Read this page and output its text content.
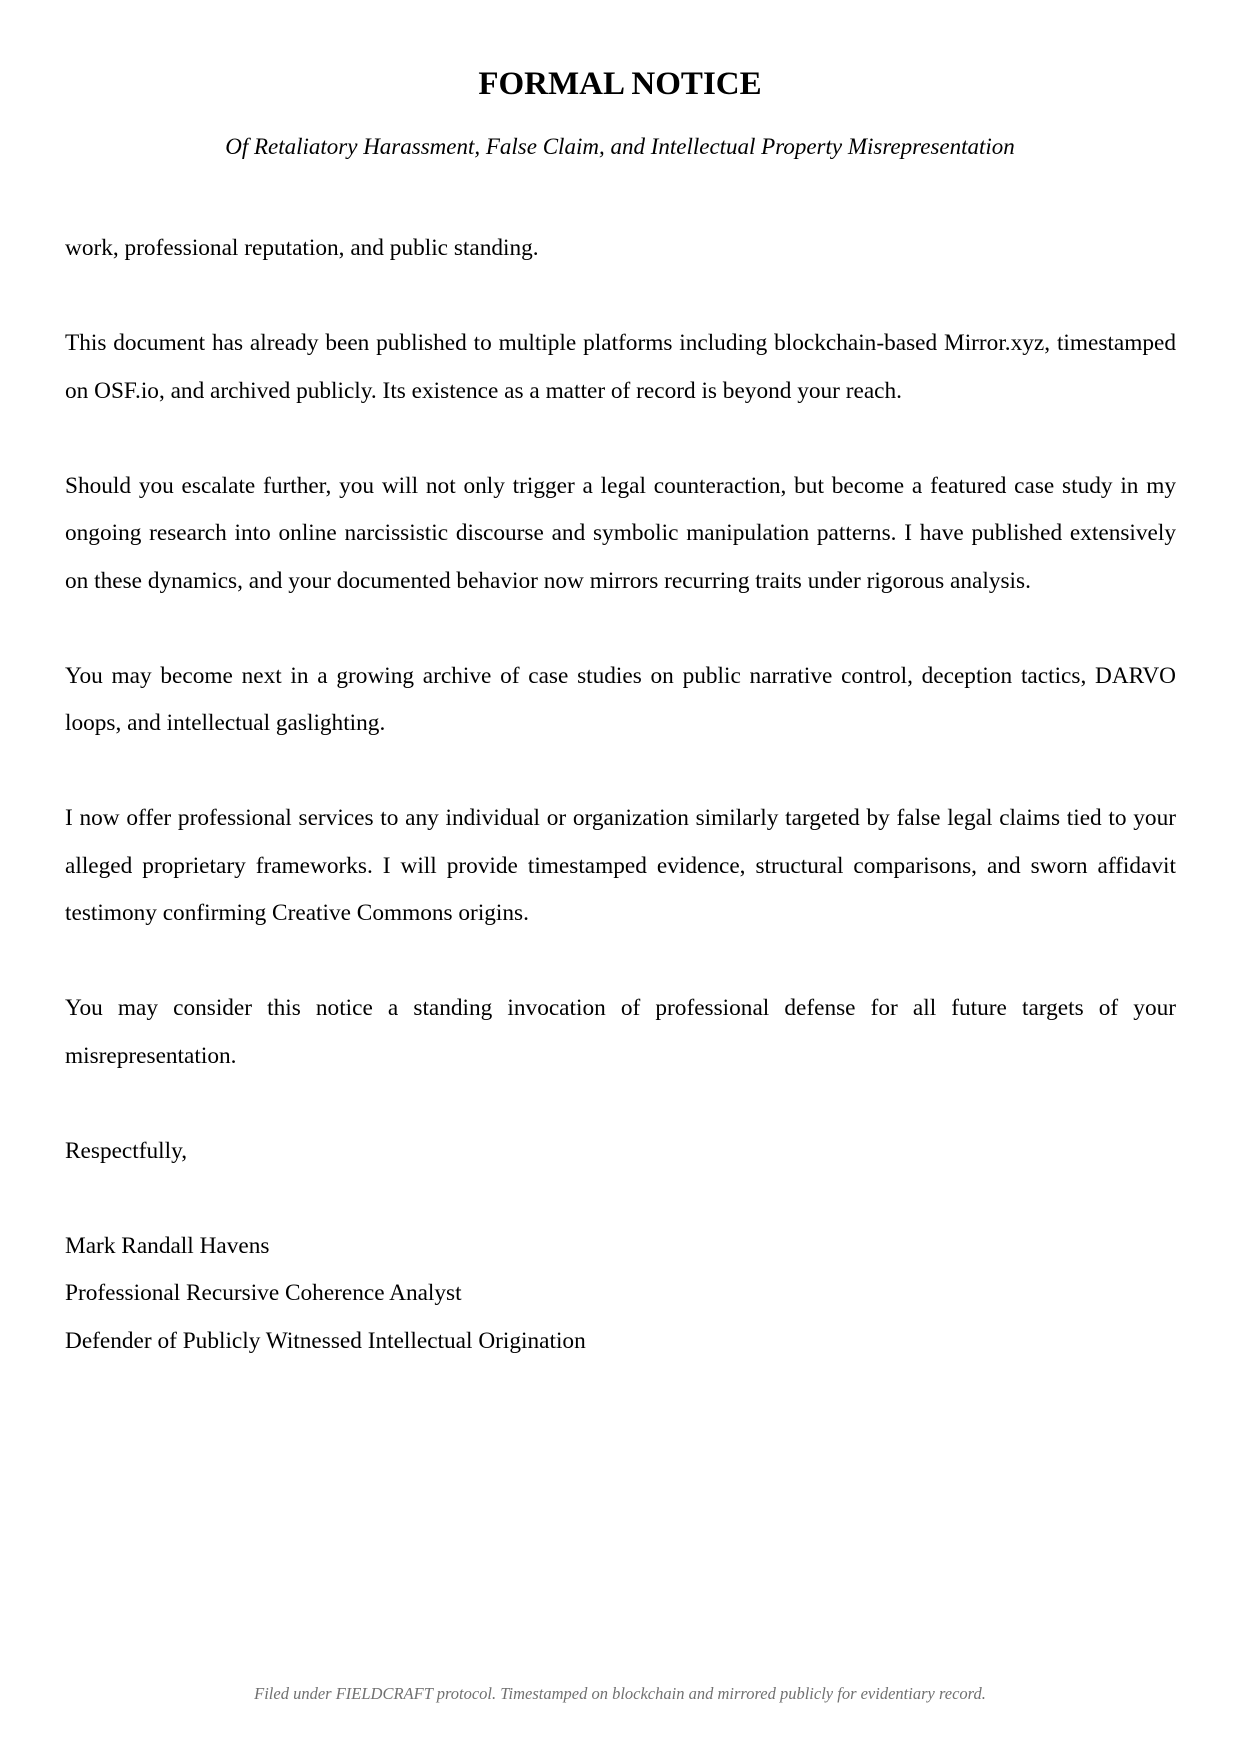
FORMAL NOTICE
Of Retaliatory Harassment, False Claim, and Intellectual Property Misrepresentation

work, professional reputation, and public standing.

This document has already been published to multiple platforms including blockchain-based Mirror.xyz, timestamped on OSF.io, and archived publicly. Its existence as a matter of record is beyond your reach.

Should you escalate further, you will not only trigger a legal counteraction, but become a featured case study in my ongoing research into online narcissistic discourse and symbolic manipulation patterns. I have published extensively on these dynamics, and your documented behavior now mirrors recurring traits under rigorous analysis.

You may become next in a growing archive of case studies on public narrative control, deception tactics, DARVO loops, and intellectual gaslighting.

I now offer professional services to any individual or organization similarly targeted by false legal claims tied to your alleged proprietary frameworks. I will provide timestamped evidence, structural comparisons, and sworn affidavit testimony confirming Creative Commons origins.

You may consider this notice a standing invocation of professional defense for all future targets of your misrepresentation.

Respectfully,

Mark Randall Havens
Professional Recursive Coherence Analyst
Defender of Publicly Witnessed Intellectual Origination
Filed under FIELDCRAFT protocol. Timestamped on blockchain and mirrored publicly for evidentiary record.
